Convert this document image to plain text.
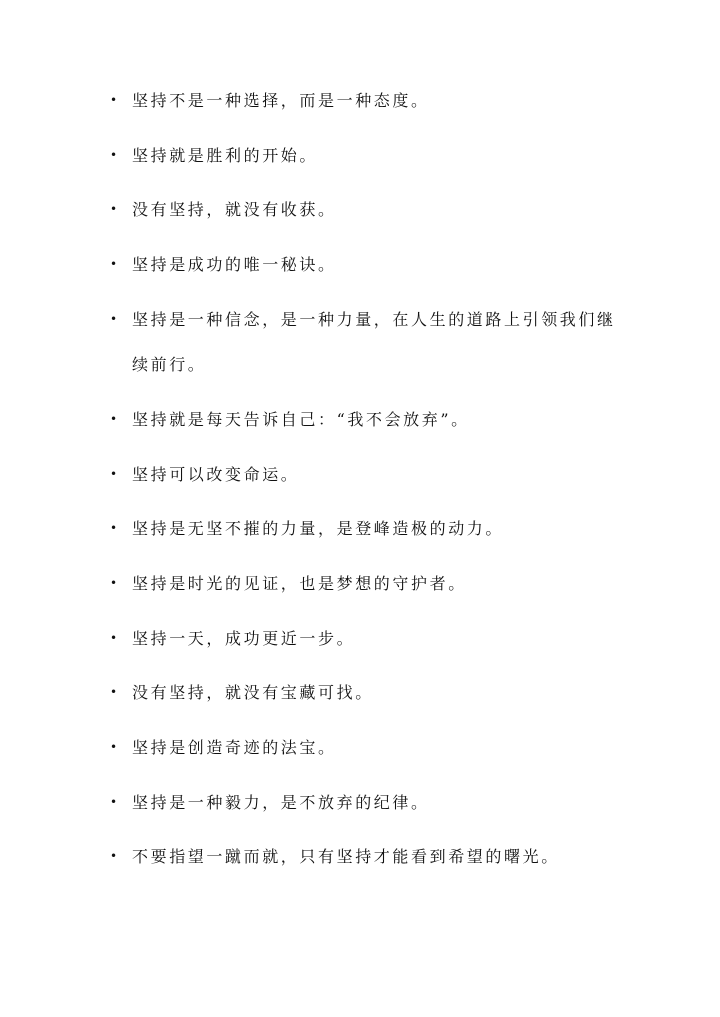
• 坚持不是一种选择，而是一种态度。
• 坚持就是胜利的开始。
• 没有坚持，就没有收获。
• 坚持是成功的唯一秘诀。
• 坚持是一种信念，是一种力量，在人生的道路上引领我们继续前行。
• 坚持就是每天告诉自己：“我不会放弃”。
• 坚持可以改变命运。
• 坚持是无坚不摧的力量，是登峰造极的动力。
• 坚持是时光的见证，也是梦想的守护者。
• 坚持一天，成功更近一步。
• 没有坚持，就没有宝藏可找。
• 坚持是创造奇迹的法宝。
• 坚持是一种毅力，是不放弃的纪律。
• 不要指望一蹴而就，只有坚持才能看到希望的曙光。
